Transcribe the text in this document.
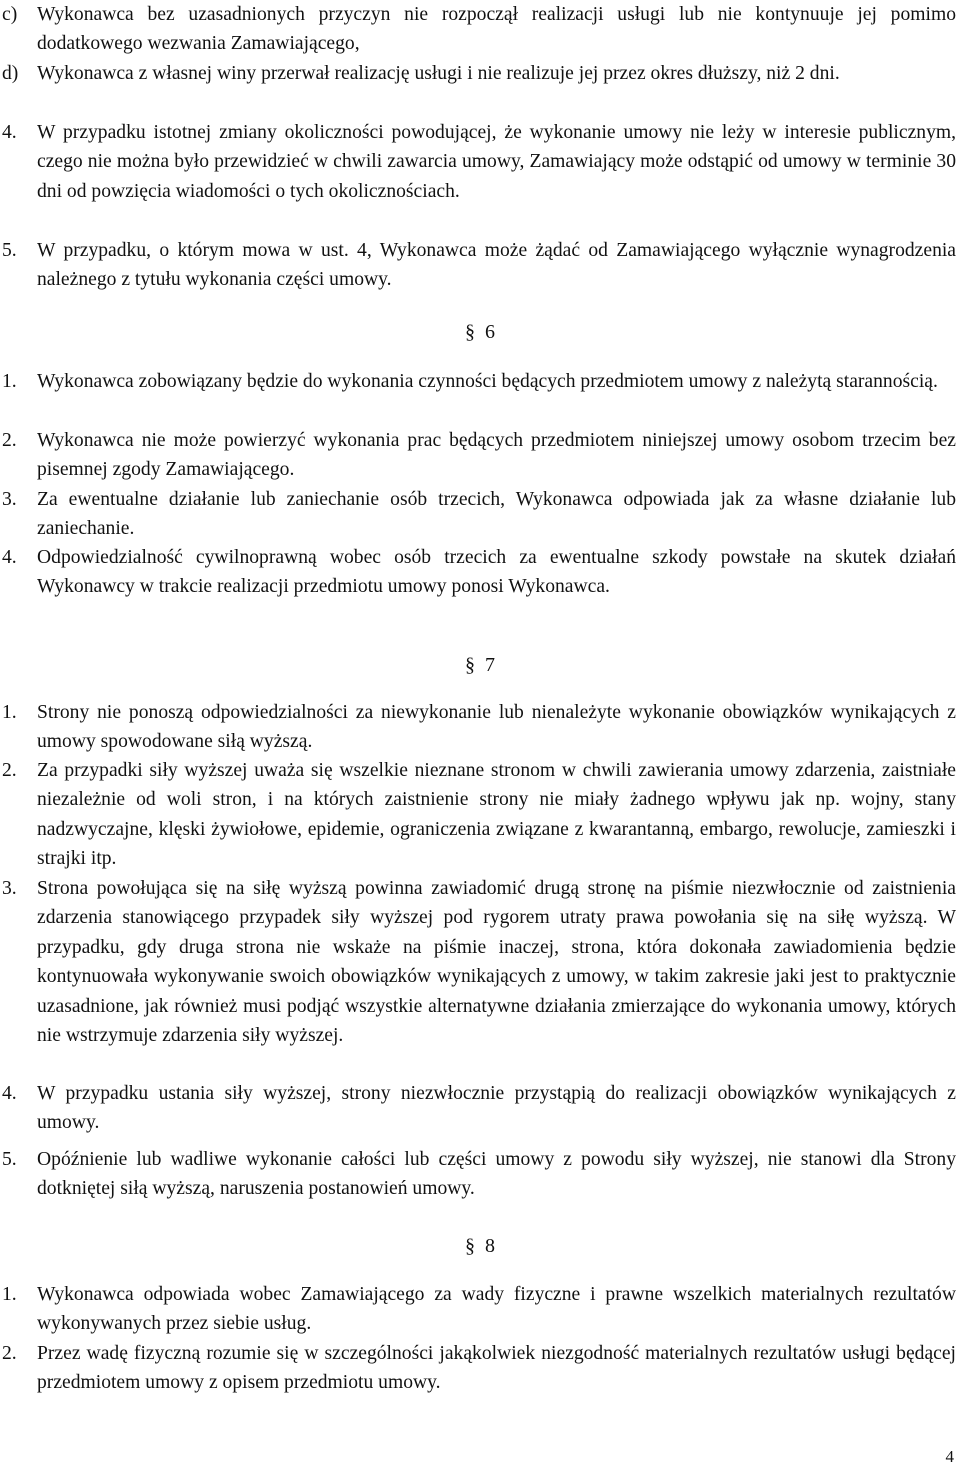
c) Wykonawca bez uzasadnionych przyczyn nie rozpoczął realizacji usługi lub nie kontynuuje jej pomimo dodatkowego wezwania Zamawiającego,
d) Wykonawca z własnej winy przerwał realizację usługi i nie realizuje jej przez okres dłuższy, niż 2 dni.
4. W przypadku istotnej zmiany okoliczności powodującej, że wykonanie umowy nie leży w interesie publicznym, czego nie można było przewidzieć w chwili zawarcia umowy, Zamawiający może odstąpić od umowy w terminie 30 dni od powzięcia wiadomości o tych okolicznościach.
5. W przypadku, o którym mowa w ust. 4, Wykonawca może żądać od Zamawiającego wyłącznie wynagrodzenia należnego z tytułu wykonania części umowy.
§ 6
1. Wykonawca zobowiązany będzie do wykonania czynności będących przedmiotem umowy z należytą starannością.
2. Wykonawca nie może powierzyć wykonania prac będących przedmiotem niniejszej umowy osobom trzecim bez pisemnej zgody Zamawiającego.
3. Za ewentualne działanie lub zaniechanie osób trzecich, Wykonawca odpowiada jak za własne działanie lub zaniechanie.
4. Odpowiedzialność cywilnoprawną wobec osób trzecich za ewentualne szkody powstałe na skutek działań Wykonawcy w trakcie realizacji przedmiotu umowy ponosi Wykonawca.
§ 7
1. Strony nie ponoszą odpowiedzialności za niewykonanie lub nienależyte wykonanie obowiązków wynikających z umowy spowodowane siłą wyższą.
2. Za przypadki siły wyższej uważa się wszelkie nieznane stronom w chwili zawierania umowy zdarzenia, zaistniałe niezależnie od woli stron, i na których zaistnienie strony nie miały żadnego wpływu jak np. wojny, stany nadzwyczajne, klęski żywiołowe, epidemie, ograniczenia związane z kwarantanną, embargo, rewolucje, zamieszki i strajki itp.
3. Strona powołująca się na siłę wyższą powinna zawiadomić drugą stronę na piśmie niezwłocznie od zaistnienia zdarzenia stanowiącego przypadek siły wyższej pod rygorem utraty prawa powołania się na siłę wyższą. W przypadku, gdy druga strona nie wskaże na piśmie inaczej, strona, która dokonała zawiadomienia będzie kontynuowała wykonywanie swoich obowiązków wynikających z umowy, w takim zakresie jaki jest to praktycznie uzasadnione, jak również musi podjąć wszystkie alternatywne działania zmierzające do wykonania umowy, których nie wstrzymuje zdarzenia siły wyższej.
4. W przypadku ustania siły wyższej, strony niezwłocznie przystąpią do realizacji obowiązków wynikających z umowy.
5. Opóźnienie lub wadliwe wykonanie całości lub części umowy z powodu siły wyższej, nie stanowi dla Strony dotkniętej siłą wyższą, naruszenia postanowień umowy.
§ 8
1. Wykonawca odpowiada wobec Zamawiającego za wady fizyczne i prawne wszelkich materialnych rezultatów wykonywanych przez siebie usług.
2. Przez wadę fizyczną rozumie się w szczególności jakąkolwiek niezgodność materialnych rezultatów usługi będącej przedmiotem umowy z opisem przedmiotu umowy.
4
